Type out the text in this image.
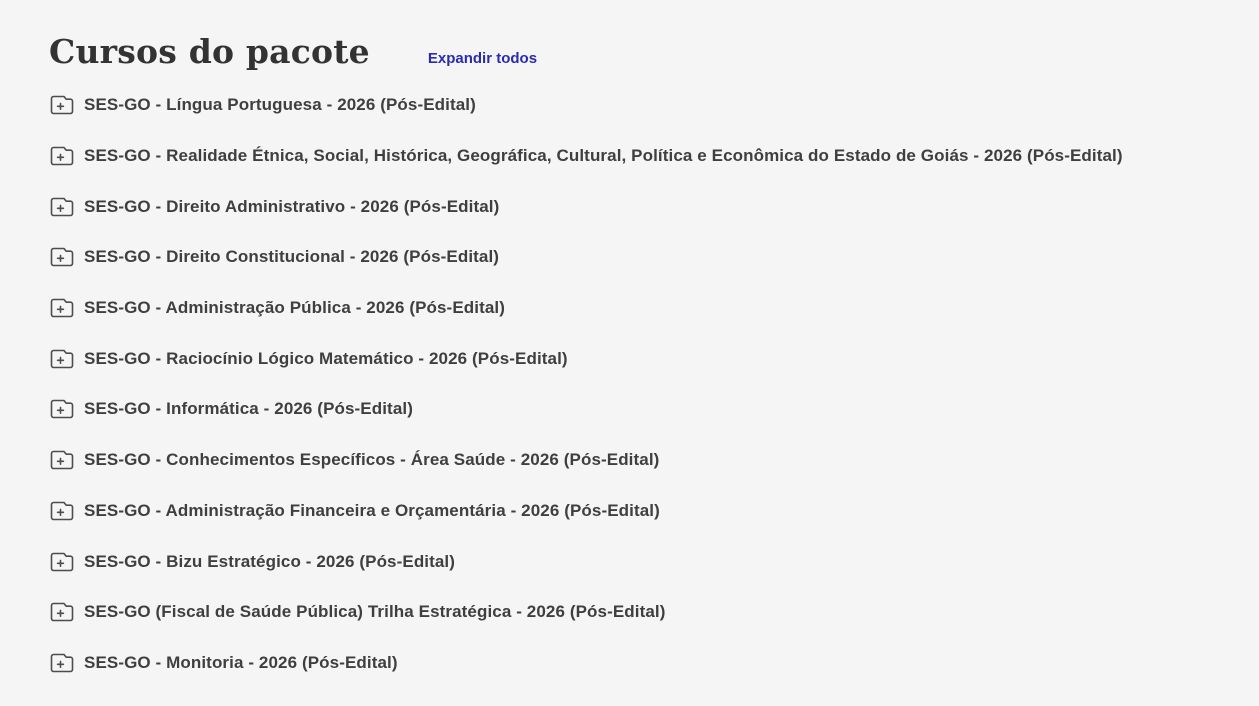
Cursos do pacote	Expandir todos
SES-GO - Língua Portuguesa - 2026 (Pós-Edital)
SES-GO - Realidade Étnica, Social, Histórica, Geográfica, Cultural, Política e Econômica do Estado de Goiás - 2026 (Pós-Edital)
SES-GO - Direito Administrativo - 2026 (Pós-Edital)
SES-GO - Direito Constitucional - 2026 (Pós-Edital)
SES-GO - Administração Pública - 2026 (Pós-Edital)
SES-GO - Raciocínio Lógico Matemático - 2026 (Pós-Edital)
SES-GO - Informática - 2026 (Pós-Edital)
SES-GO - Conhecimentos Específicos - Área Saúde - 2026 (Pós-Edital)
SES-GO - Administração Financeira e Orçamentária - 2026 (Pós-Edital)
SES-GO - Bizu Estratégico - 2026 (Pós-Edital)
SES-GO (Fiscal de Saúde Pública) Trilha Estratégica - 2026 (Pós-Edital)
SES-GO - Monitoria - 2026 (Pós-Edital)
